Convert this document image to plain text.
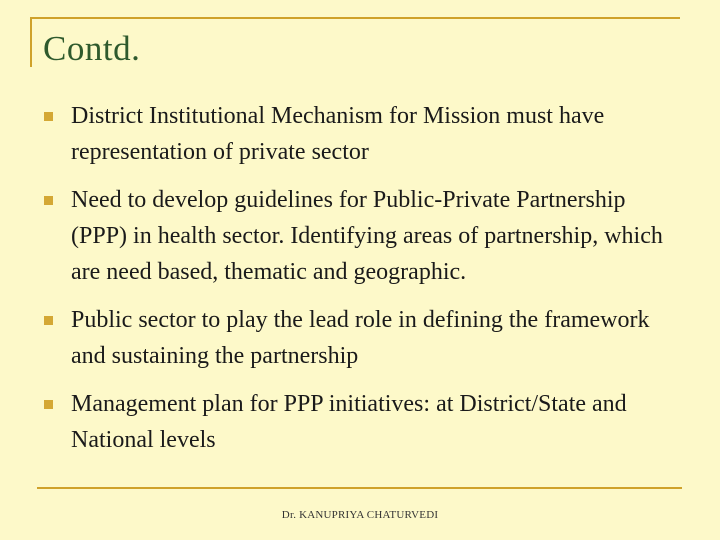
Contd.
District Institutional Mechanism for Mission must have representation of private sector
Need to develop guidelines for Public-Private Partnership (PPP) in health sector. Identifying areas of partnership, which are need based, thematic and geographic.
Public sector to play the lead role in defining the framework and sustaining the partnership
Management plan for PPP initiatives: at District/State and National levels
Dr. KANUPRIYA CHATURVEDI
